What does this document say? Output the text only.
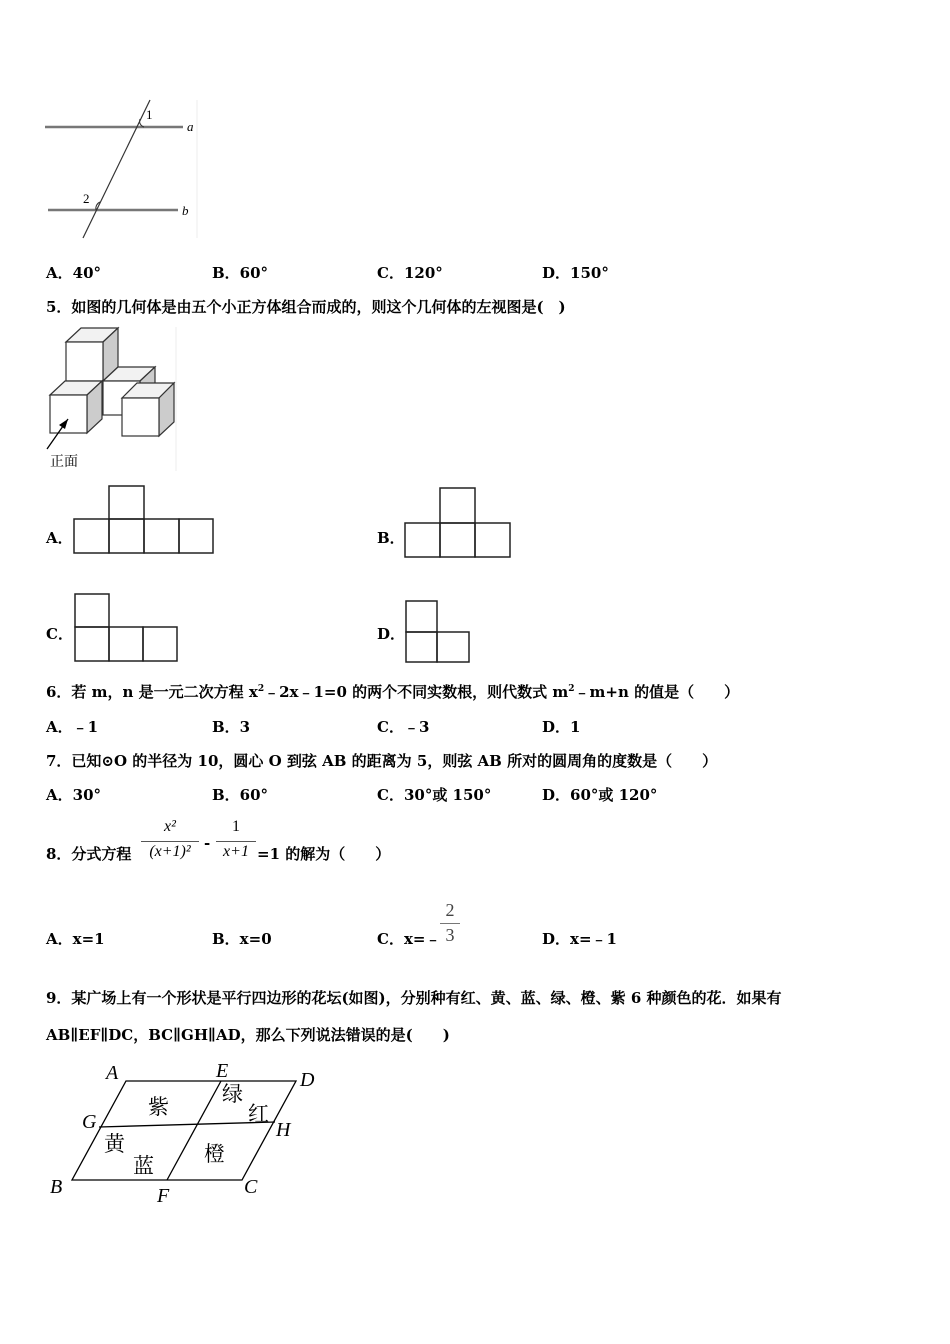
1
2
a
b
A．40°	B．60°	C．120°	D．150°
5．如图的几何体是由五个小正方体组合而成的，则这个几何体的左视图是(　)
正面
A．	B．
C．	D．
6．若 m，n 是一元二次方程 $x^2﹣2x﹣1=0$ 的两个不同实数根，则代数式 $m^2﹣m+n$ 的值是（　　）
A．﹣1	B．3	C．﹣3	D．1
7．已知⊙O 的半径为 10，圆心 O 到弦 AB 的距离为 5，则弦 AB 所对的圆周角的度数是（　　）
A．30°	B．60°	C．30°或 150°	D．60°或 120°
8．分式方程
x²
(x+1)² -
1
x+1 =1 的解为（　　）
A．x=1	B．x=0	C．x=﹣
2
3	D．x=﹣1
9．某广场上有一个形状是平行四边形的花坛(如图)，分别种有红、黄、蓝、绿、橙、紫 6 种颜色的花．如果有
AB∥EF∥DC，BC∥GH∥AD，那么下列说法错误的是(　　)
A	E	D
G	H
B	F	C
紫
绿
红
黄
蓝 橙
